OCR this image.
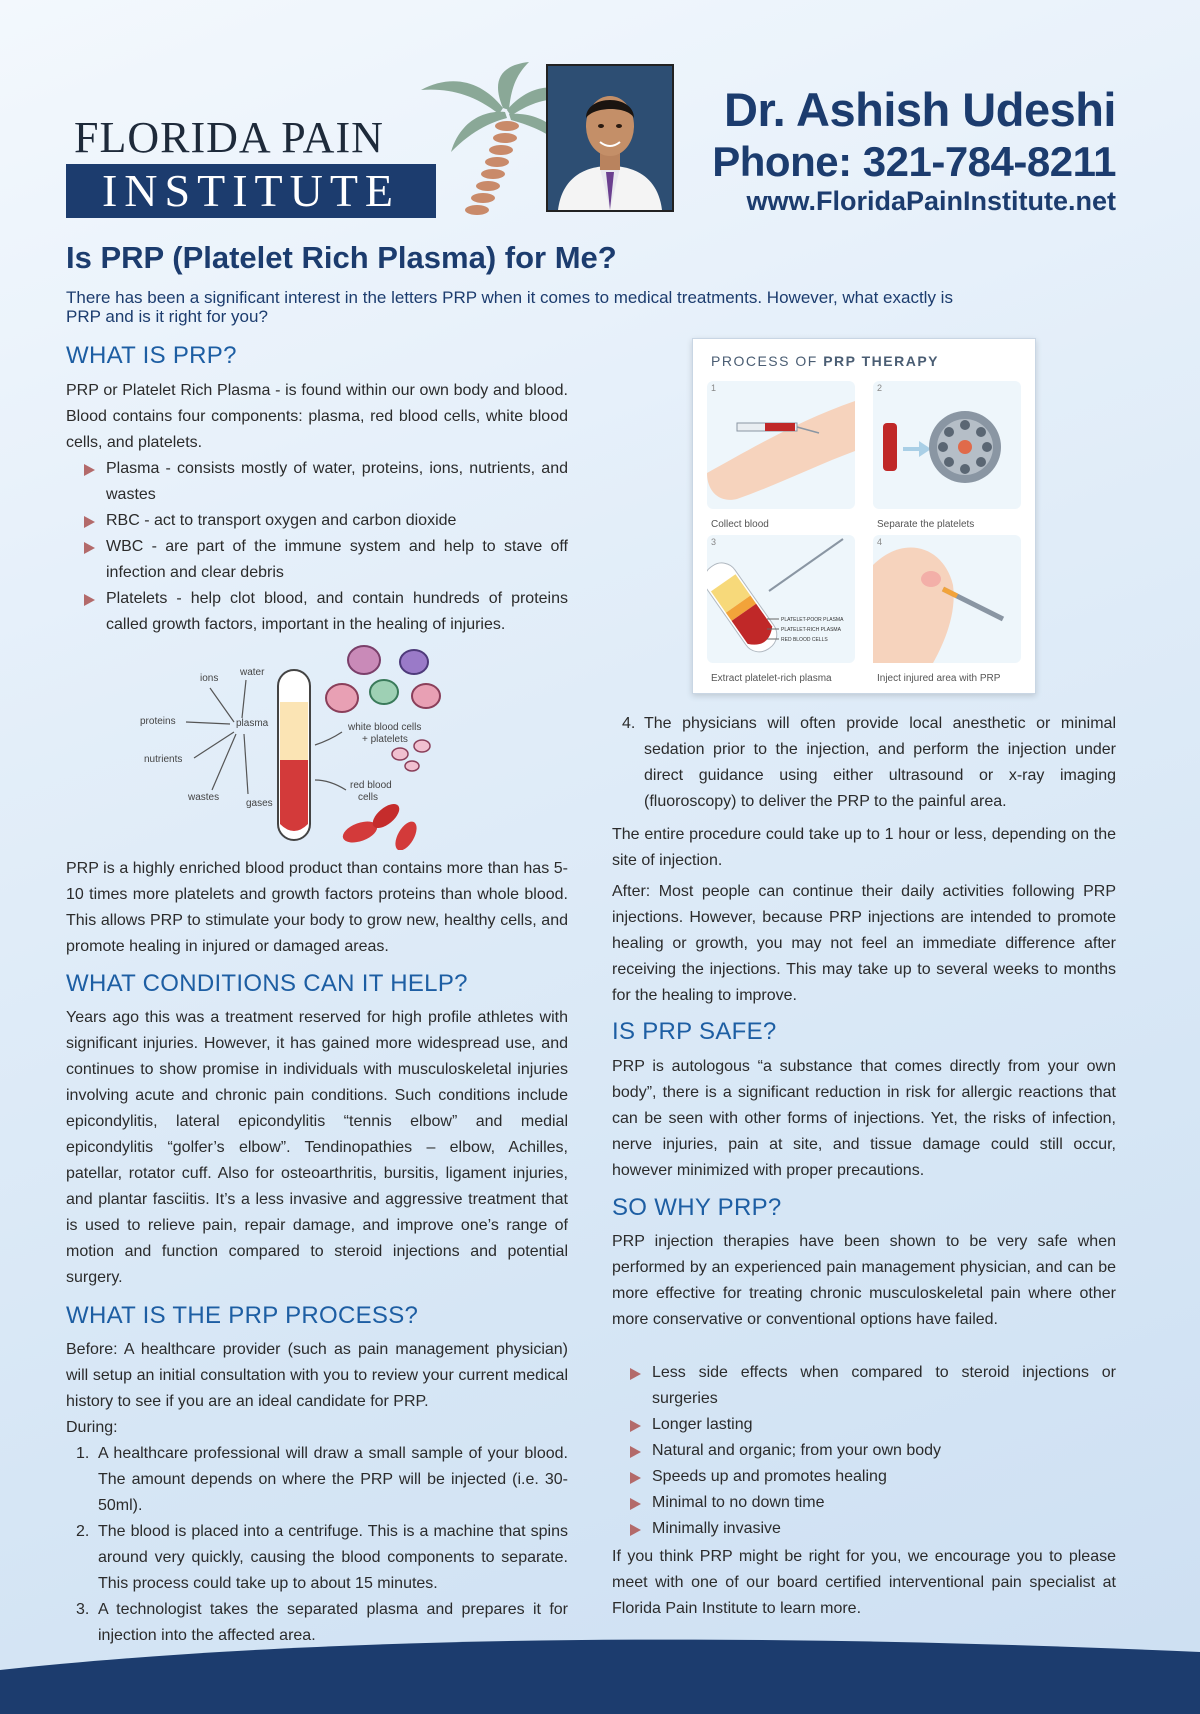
FLORIDA PAIN
INSTITUTE
Dr. Ashish Udeshi
Phone: 321-784-8211
www.FloridaPainInstitute.net
Is PRP (Platelet Rich Plasma) for Me?
There has been a significant interest in the letters PRP when it comes to medical treatments. However, what exactly is PRP and is it right for you?
WHAT IS PRP?

PRP or Platelet Rich Plasma - is found within our own body and blood. Blood contains four components: plasma, red blood cells, white blood cells, and platelets.

Plasma - consists mostly of water, proteins, ions, nutrients, and wastes
RBC - act to transport oxygen and carbon dioxide
WBC - are part of the immune system and help to stave off infection and clear debris
Platelets - help clot blood, and contain hundreds of proteins called growth factors, important in the healing of injuries.
ions
water
proteins	plasma
nutrients
wastes
gases
white blood cells
+ platelets
red blood
cells

PRP is a highly enriched blood product than contains more than has 5-10 times more platelets and growth factors proteins than whole blood. This allows PRP to stimulate your body to grow new, healthy cells, and promote healing in injured or damaged areas.

WHAT CONDITIONS CAN IT HELP?

Years ago this was a treatment reserved for high profile athletes with significant injuries. However, it has gained more widespread use, and continues to show promise in individuals with musculoskeletal injuries involving acute and chronic pain conditions. Such conditions include epicondylitis, lateral epicondylitis “tennis elbow” and medial epicondylitis “golfer’s elbow”. Tendinopathies – elbow, Achilles, patellar, rotator cuff. Also for osteoarthritis, bursitis, ligament injuries, and plantar fasciitis. It’s a less invasive and aggressive treatment that is used to relieve pain, repair damage, and improve one’s range of motion and function compared to steroid injections and potential surgery.

WHAT IS THE PRP PROCESS?

Before: A healthcare provider (such as pain management physician) will setup an initial consultation with you to review your current medical history to see if you are an ideal candidate for PRP.

During:

1. A healthcare professional will draw a small sample of your blood. The amount depends on where the PRP will be injected (i.e. 30-50ml).
2. The blood is placed into a centrifuge. This is a machine that spins around very quickly, causing the blood components to separate. This process could take up to about 15 minutes.
3. A technologist takes the separated plasma and prepares it for injection into the affected area.
PROCESS OF PRP THERAPY
1
Collect blood
2
Separate the platelets
PLATELET-POOR PLASMA
PLATELET-RICH PLASMA
RED BLOOD CELLS
3
Extract platelet-rich plasma
4
Inject injured area with PRP
4. The physicians will often provide local anesthetic or minimal sedation prior to the injection, and perform the injection under direct guidance using either ultrasound or x-ray imaging (fluoroscopy) to deliver the PRP to the painful area.

The entire procedure could take up to 1 hour or less, depending on the site of injection.

After: Most people can continue their daily activities following PRP injections. However, because PRP injections are intended to promote healing or growth, you may not feel an immediate difference after receiving the injections. This may take up to several weeks to months for the healing to improve.

IS PRP SAFE?

PRP is autologous “a substance that comes directly from your own body”, there is a significant reduction in risk for allergic reactions that can be seen with other forms of injections. Yet, the risks of infection, nerve injuries, pain at site, and tissue damage could still occur, however minimized with proper precautions.

SO WHY PRP?

PRP injection therapies have been shown to be very safe when performed by an experienced pain management physician, and can be more effective for treating chronic musculoskeletal pain where other more conservative or conventional options have failed.

Less side effects when compared to steroid injections or surgeries
Longer lasting
Natural and organic; from your own body
Speeds up and promotes healing
Minimal to no down time
Minimally invasive

If you think PRP might be right for you, we encourage you to please meet with one of our board certified interventional pain specialist at Florida Pain Institute to learn more.
